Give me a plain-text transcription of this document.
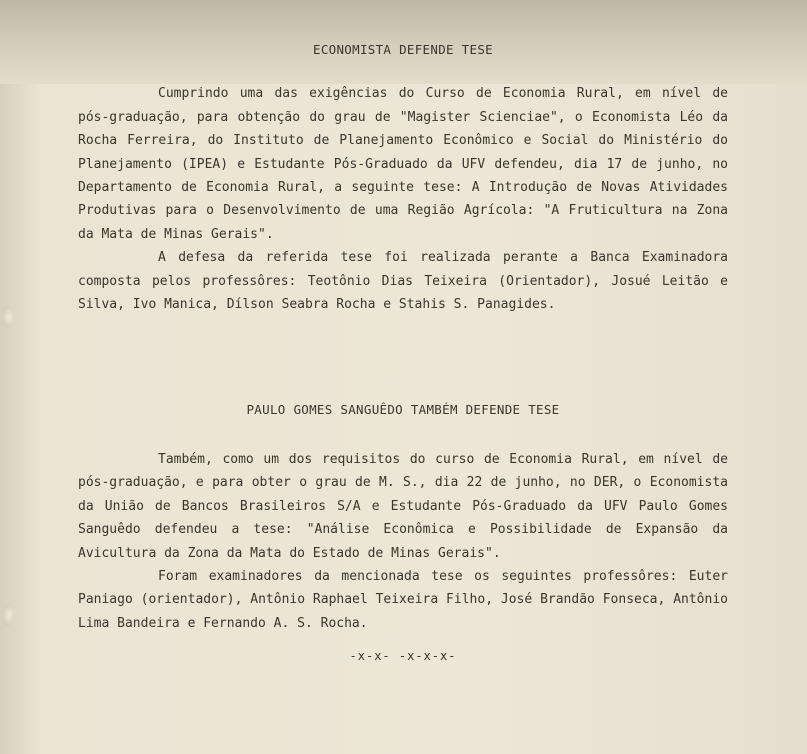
ECONOMISTA DEFENDE TESE

Cumprindo uma das exigências do Curso de Economia Rural, em nível de pós-graduação, para obtenção do grau de "Magister Scienciae", o Economista Léo da Rocha Ferreira, do Instituto de Planejamento Econômico e Social do Ministério do Planejamento (IPEA) e Estudante Pós-Graduado da UFV defendeu, dia 17 de junho, no Departamento de Economia Rural, a seguinte tese: A Introdução de Novas Atividades Produtivas para o Desenvolvimento de uma Região Agrícola: "A Fruticultura na Zona da Mata de Minas Gerais".

A defesa da referida tese foi realizada perante a Banca Examinadora composta pelos professôres: Teotônio Dias Teixeira (Orientador), Josué Leitão e Silva, Ivo Manica, Dílson Seabra Rocha e Stahis S. Panagides.

PAULO GOMES SANGUÊDO TAMBÉM DEFENDE TESE

Também, como um dos requisitos do curso de Economia Rural, em nível de pós-graduação, e para obter o grau de M. S., dia 22 de junho, no DER, o Economista da União de Bancos Brasileiros S/A e Estudante Pós-Graduado da UFV Paulo Gomes Sanguêdo defendeu a tese: "Análise Econômica e Possibilidade de Expansão da Avicultura da Zona da Mata do Estado de Minas Gerais".

Foram examinadores da mencionada tese os seguintes professôres: Euter Paniago (orientador), Antônio Raphael Teixeira Filho, José Brandão Fonseca, Antônio Lima Bandeira e Fernando A. S. Rocha.

-x-x- -x-x-x-
